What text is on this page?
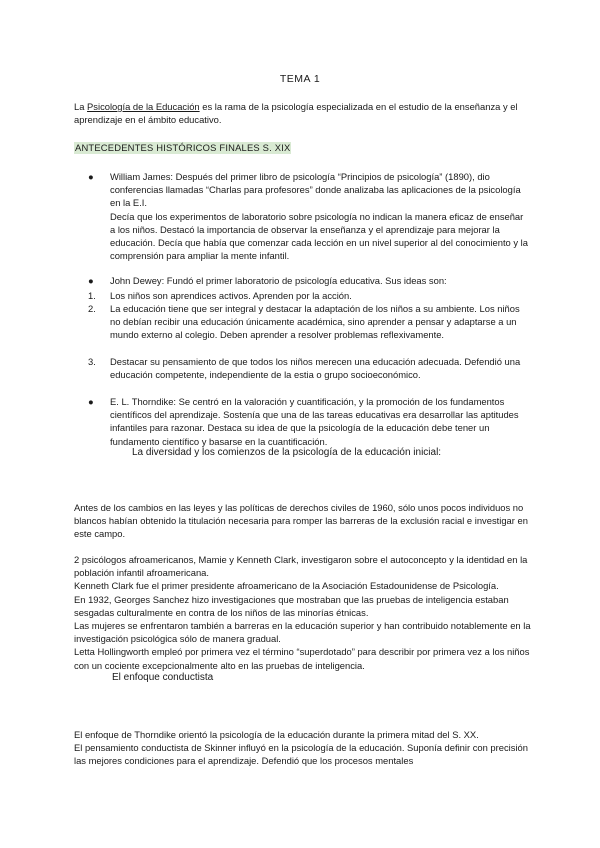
TEMA 1

La Psicología de la Educación es la rama de la psicología especializada en el estudio de la enseñanza y el aprendizaje en el ámbito educativo.

ANTECEDENTES HISTÓRICOS FINALES S. XIX
●	William James: Después del primer libro de psicología “Principios de psicología” (1890), dio conferencias llamadas “Charlas para profesores” donde analizaba las aplicaciones de la psicología en la E.I.

Decía que los experimentos de laboratorio sobre psicología no indican la manera eficaz de enseñar a los niños. Destacó la importancia de observar la enseñanza y el aprendizaje para mejorar la educación. Decía que había que comenzar cada lección en un nivel superior al del conocimiento y la comprensión para ampliar la mente infantil.

●	John Dewey: Fundó el primer laboratorio de psicología educativa. Sus ideas son:

1.	Los niños son aprendices activos. Aprenden por la acción.

2.	La educación tiene que ser integral y destacar la adaptación de los niños a su ambiente. Los niños no debían recibir una educación únicamente académica, sino aprender a pensar y adaptarse a un mundo externo al colegio. Deben aprender a resolver problemas reflexivamente.

3.	Destacar su pensamiento de que todos los niños merecen una educación adecuada. Defendió una educación competente, independiente de la estia o grupo socioeconómico.

●	E. L. Thorndike: Se centró en la valoración y cuantificación, y la promoción de los fundamentos científicos del aprendizaje. Sostenía que una de las tareas educativas era desarrollar las aptitudes infantiles para razonar. Destaca su idea de que la psicología de la educación debe tener un fundamento científico y basarse en la cuantificación.

La diversidad y los comienzos de la psicología de la educación inicial:

Antes de los cambios en las leyes y las políticas de derechos civiles de 1960, sólo unos pocos individuos no blancos habían obtenido la titulación necesaria para romper las barreras de la exclusión racial e investigar en este campo.

2 psicólogos afroamericanos, Mamie y Kenneth Clark, investigaron sobre el autoconcepto y la identidad en la población infantil afroamericana.

Kenneth Clark fue el primer presidente afroamericano de la Asociación Estadounidense de Psicología.

En 1932, Georges Sanchez hizo investigaciones que mostraban que las pruebas de inteligencia estaban sesgadas culturalmente en contra de los niños de las minorías étnicas.

Las mujeres se enfrentaron también a barreras en la educación superior y han contribuido notablemente en la investigación psicológica sólo de manera gradual.

Letta Hollingworth empleó por primera vez el término “superdotado” para describir por primera vez a los niños con un cociente excepcionalmente alto en las pruebas de inteligencia.

El enfoque conductista

El enfoque de Thorndike orientó la psicología de la educación durante la primera mitad del S. XX.

El pensamiento conductista de Skinner influyó en la psicología de la educación. Suponía definir con precisión las mejores condiciones para el aprendizaje. Defendió que los procesos mentales
